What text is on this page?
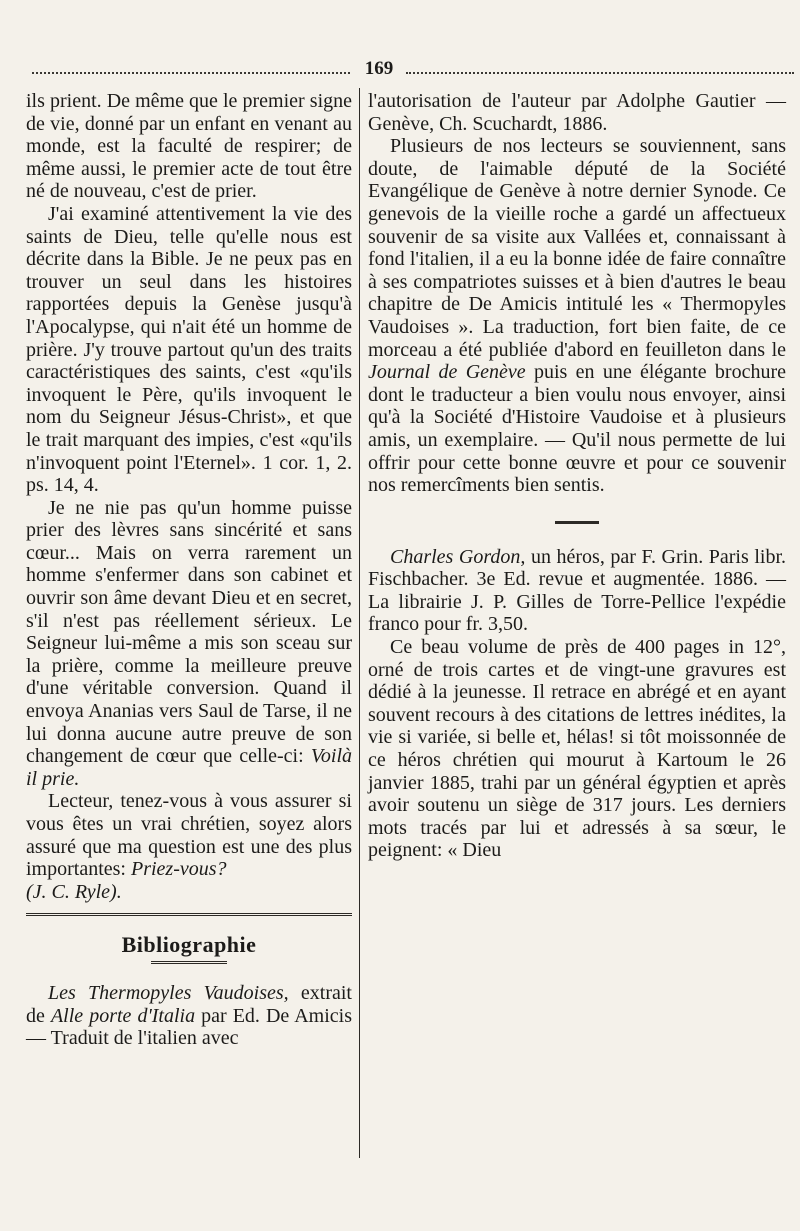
169

ils prient. De même que le premier signe de vie, donné par un enfant en venant au monde, est la faculté de respirer; de même aussi, le premier acte de tout être né de nouveau, c'est de prier.

J'ai examiné attentivement la vie des saints de Dieu, telle qu'elle nous est décrite dans la Bible. Je ne peux pas en trouver un seul dans les histoires rapportées depuis la Genèse jusqu'à l'Apocalypse, qui n'ait été un homme de prière. J'y trouve partout qu'un des traits caractéristiques des saints, c'est «qu'ils invoquent le Père, qu'ils invoquent le nom du Seigneur Jésus-Christ», et que le trait marquant des impies, c'est «qu'ils n'invoquent point l'Eternel». 1 cor. 1, 2. ps. 14, 4.

Je ne nie pas qu'un homme puisse prier des lèvres sans sincérité et sans cœur... Mais on verra rarement un homme s'enfermer dans son cabinet et ouvrir son âme devant Dieu et en secret, s'il n'est pas réellement sérieux. Le Seigneur lui-même a mis son sceau sur la prière, comme la meilleure preuve d'une véritable conversion. Quand il envoya Ananias vers Saul de Tarse, il ne lui donna aucune autre preuve de son changement de cœur que celle-ci: Voilà il prie.

Lecteur, tenez-vous à vous assurer si vous êtes un vrai chrétien, soyez alors assuré que ma question est une des plus importantes: Priez-vous?

(J. C. Ryle).

Bibliographie

Les Thermopyles Vaudoises, extrait de Alle porte d'Italia par Ed. De Amicis — Traduit de l'italien avec

l'autorisation de l'auteur par Adolphe Gautier — Genève, Ch. Scuchardt, 1886.

Plusieurs de nos lecteurs se souviennent, sans doute, de l'aimable député de la Société Evangélique de Genève à notre dernier Synode. Ce genevois de la vieille roche a gardé un affectueux souvenir de sa visite aux Vallées et, connaissant à fond l'italien, il a eu la bonne idée de faire connaître à ses compatriotes suisses et à bien d'autres le beau chapitre de De Amicis intitulé les « Thermopyles Vaudoises ». La traduction, fort bien faite, de ce morceau a été publiée d'abord en feuilleton dans le Journal de Genève puis en une élégante brochure dont le traducteur a bien voulu nous envoyer, ainsi qu'à la Société d'Histoire Vaudoise et à plusieurs amis, un exemplaire. — Qu'il nous permette de lui offrir pour cette bonne œuvre et pour ce souvenir nos remercîments bien sentis.

Charles Gordon, un héros, par F. Grin. Paris libr. Fischbacher. 3e Ed. revue et augmentée. 1886. — La librairie J. P. Gilles de Torre-Pellice l'expédie franco pour fr. 3,50.

Ce beau volume de près de 400 pages in 12°, orné de trois cartes et de vingt-une gravures est dédié à la jeunesse. Il retrace en abrégé et en ayant souvent recours à des citations de lettres inédites, la vie si variée, si belle et, hélas! si tôt moissonnée de ce héros chrétien qui mourut à Kartoum le 26 janvier 1885, trahi par un général égyptien et après avoir soutenu un siège de 317 jours. Les derniers mots tracés par lui et adressés à sa sœur, le peignent: « Dieu
